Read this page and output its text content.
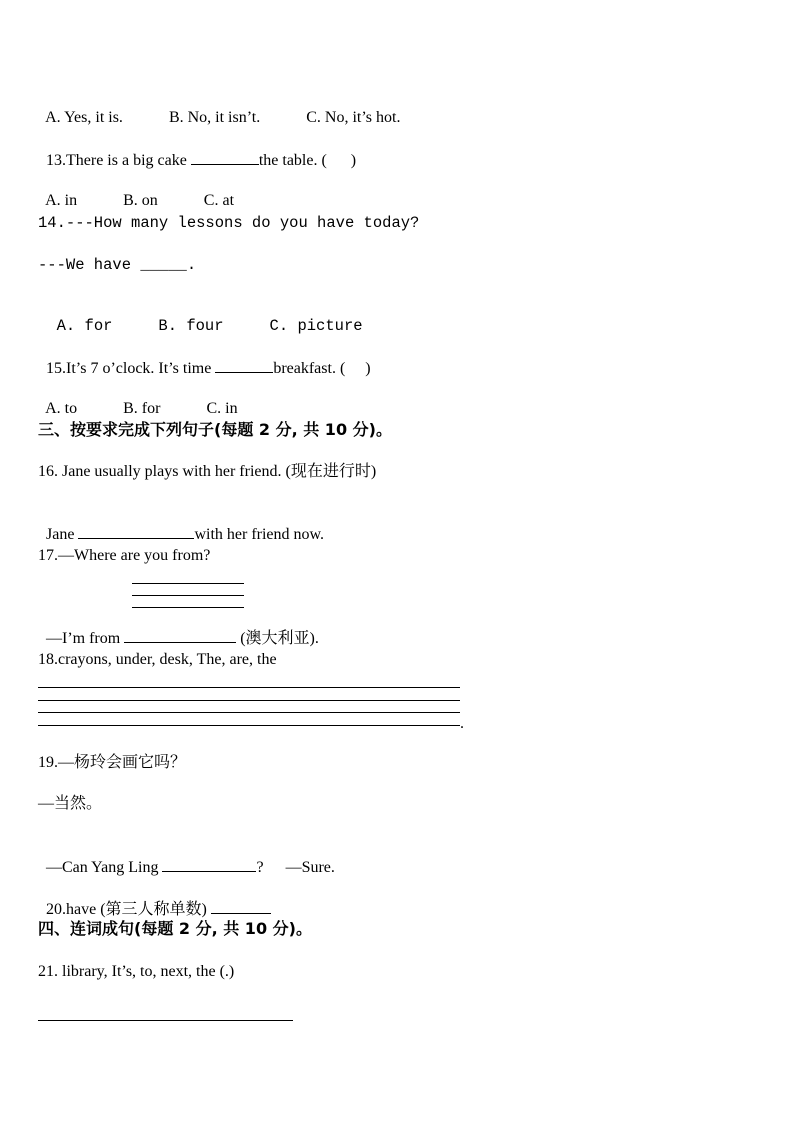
A. Yes, it is.	B. No, it isn’t.	C. No, it’s hot.

13.There is a big cake	the table. (      )

A. in	B. on	C. at

14.---How many lessons do you have today?
---We have _____.

A. for	B. four	C. picture

15.It’s 7 o’clock. It’s time	breakfast. (     )

A. to	B. for	C. in

三、按要求完成下列句子(每题 2 分, 共 10 分)。
16. Jane usually plays with her friend. (现在进行时)

Jane	with her friend now.

17.—Where are you from?

—I’m from	(澳大利亚).

18.crayons, under, desk, The, are, the
.
19.—杨玲会画它吗？
—当然。

—Can Yang Ling	? —Sure.

20.have (第三人称单数)

四、连词成句(每题 2 分, 共 10 分)。
21. library, It’s, to, next, the (.)
